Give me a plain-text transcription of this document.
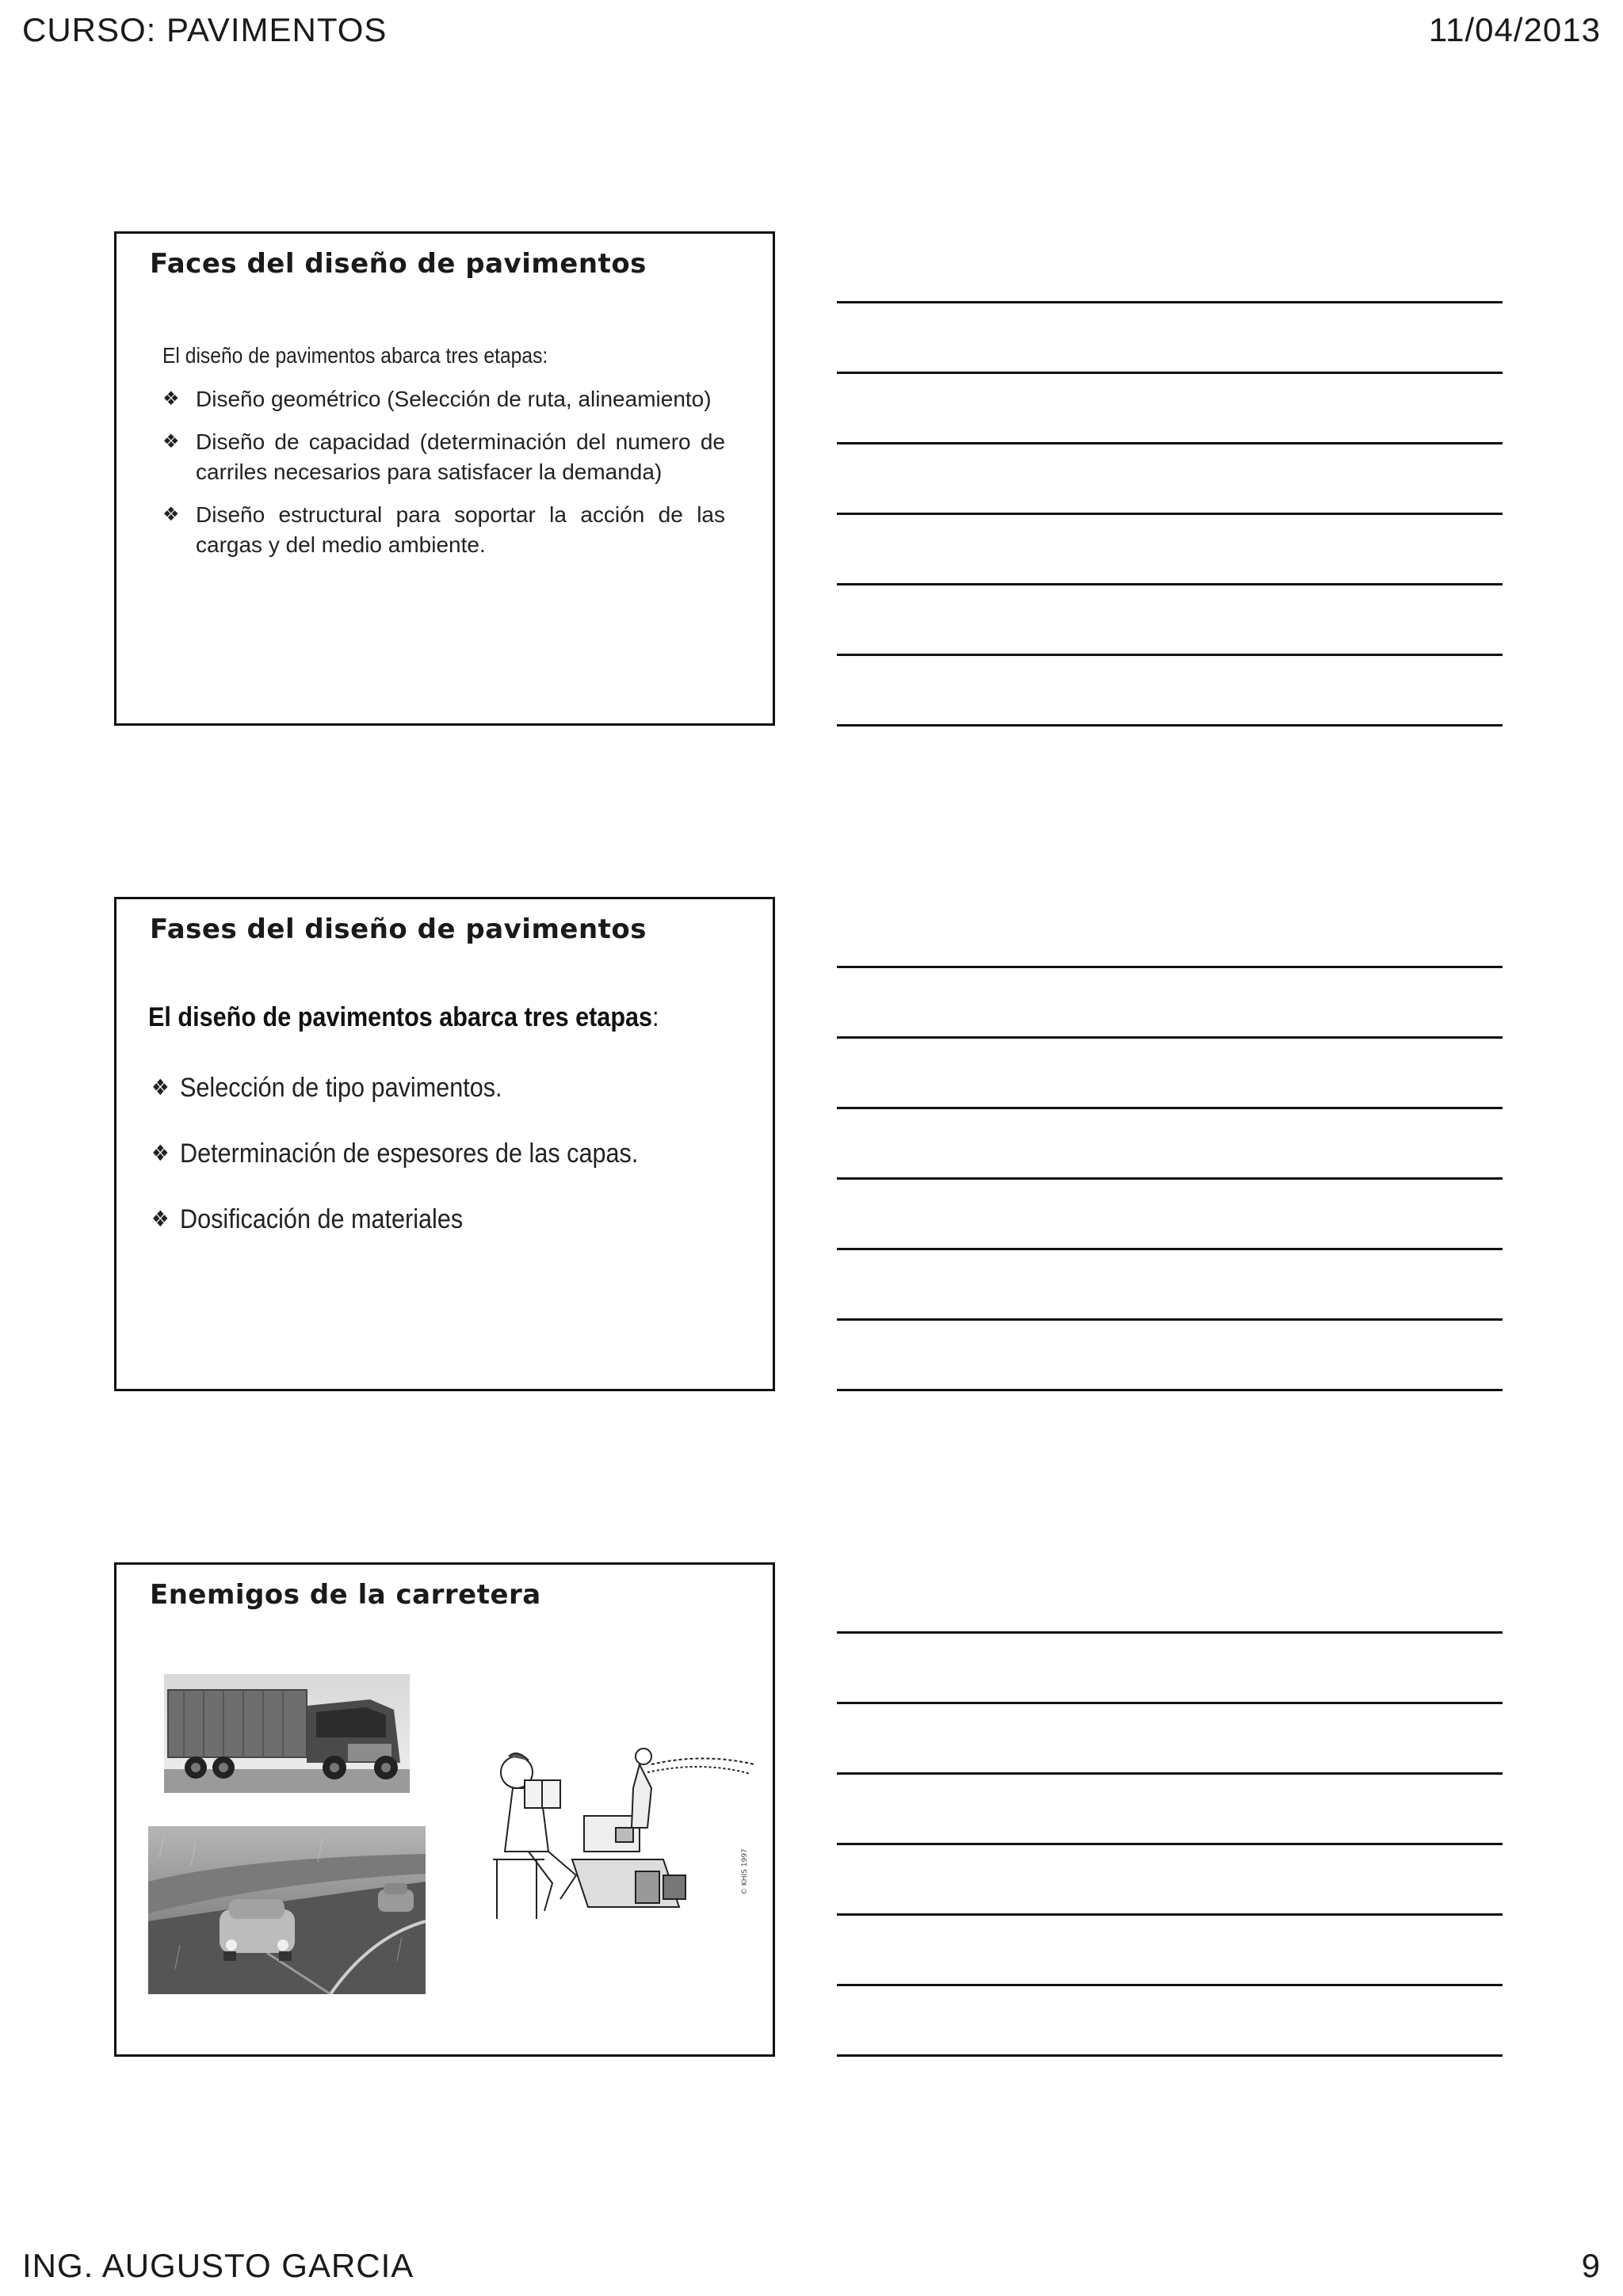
CURSO: PAVIMENTOS	11/04/2013
ING. AUGUSTO GARCIA	9
Faces del diseño de pavimentos
El diseño de pavimentos abarca tres etapas:
❖ Diseño geométrico (Selección de ruta, alineamiento)
❖ Diseño de capacidad (determinación del numero de carriles necesarios para satisfacer la demanda)
❖ Diseño estructural para soportar la acción de las cargas y del medio ambiente.
Fases del diseño de pavimentos
El diseño de pavimentos abarca tres etapas:
❖ Selección de tipo pavimentos.
❖ Determinación de espesores de las capas.
❖ Dosificación de materiales
Enemigos de la carretera
© KHIS 1997
